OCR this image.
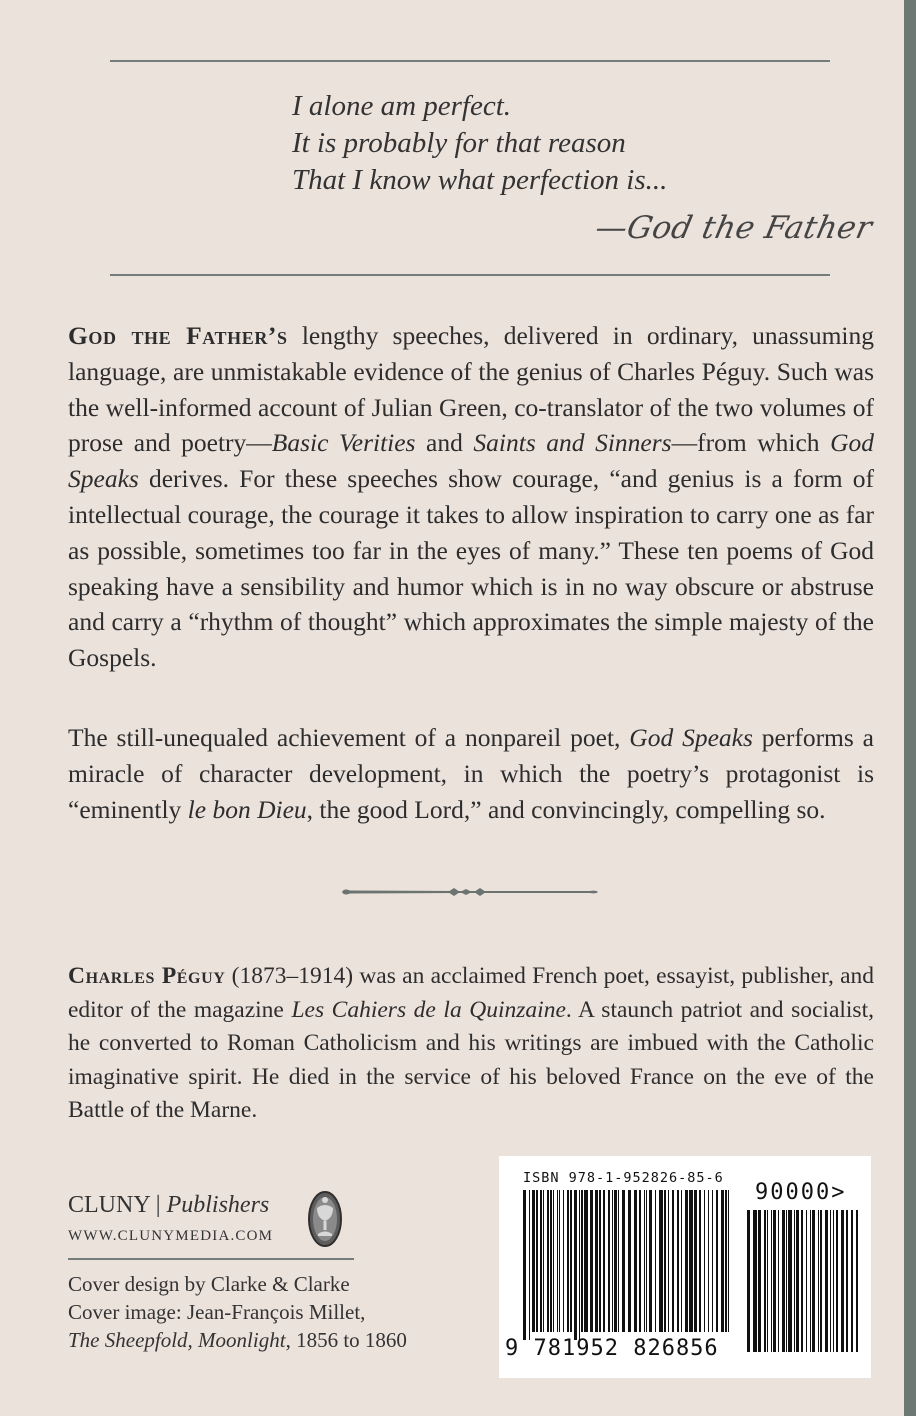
I alone am perfect.
It is probably for that reason
That I know what perfection is...
—God the Father
God the Father’s lengthy speeches, delivered in ordinary, unassuming language, are unmistakable evidence of the genius of Charles Péguy. Such was the well-informed account of Julian Green, co-translator of the two volumes of prose and poetry—Basic Verities and Saints and Sinners—from which God Speaks derives. For these speeches show courage, “and genius is a form of intellectual courage, the courage it takes to allow inspiration to carry one as far as possible, sometimes too far in the eyes of many.” These ten poems of God speaking have a sensibility and humor which is in no way obscure or abstruse and carry a “rhythm of thought” which approximates the simple majesty of the Gospels.
The still-unequaled achievement of a nonpareil poet, God Speaks performs a miracle of character development, in which the poetry’s protagonist is “eminently le bon Dieu, the good Lord,” and convincingly, compelling so.
Charles Péguy (1873–1914) was an acclaimed French poet, essayist, publisher, and editor of the magazine Les Cahiers de la Quinzaine. A staunch patriot and socialist, he converted to Roman Catholicism and his writings are imbued with the Catholic imaginative spirit. He died in the service of his beloved France on the eve of the Battle of the Marne.
CLUNY | Publishers
WWW.CLUNYMEDIA.COM
Cover design by Clarke & Clarke
Cover image: Jean-François Millet,
The Sheepfold, Moonlight, 1856 to 1860
ISBN 978-1-952826-85-6
90000>
9 781952 826856
